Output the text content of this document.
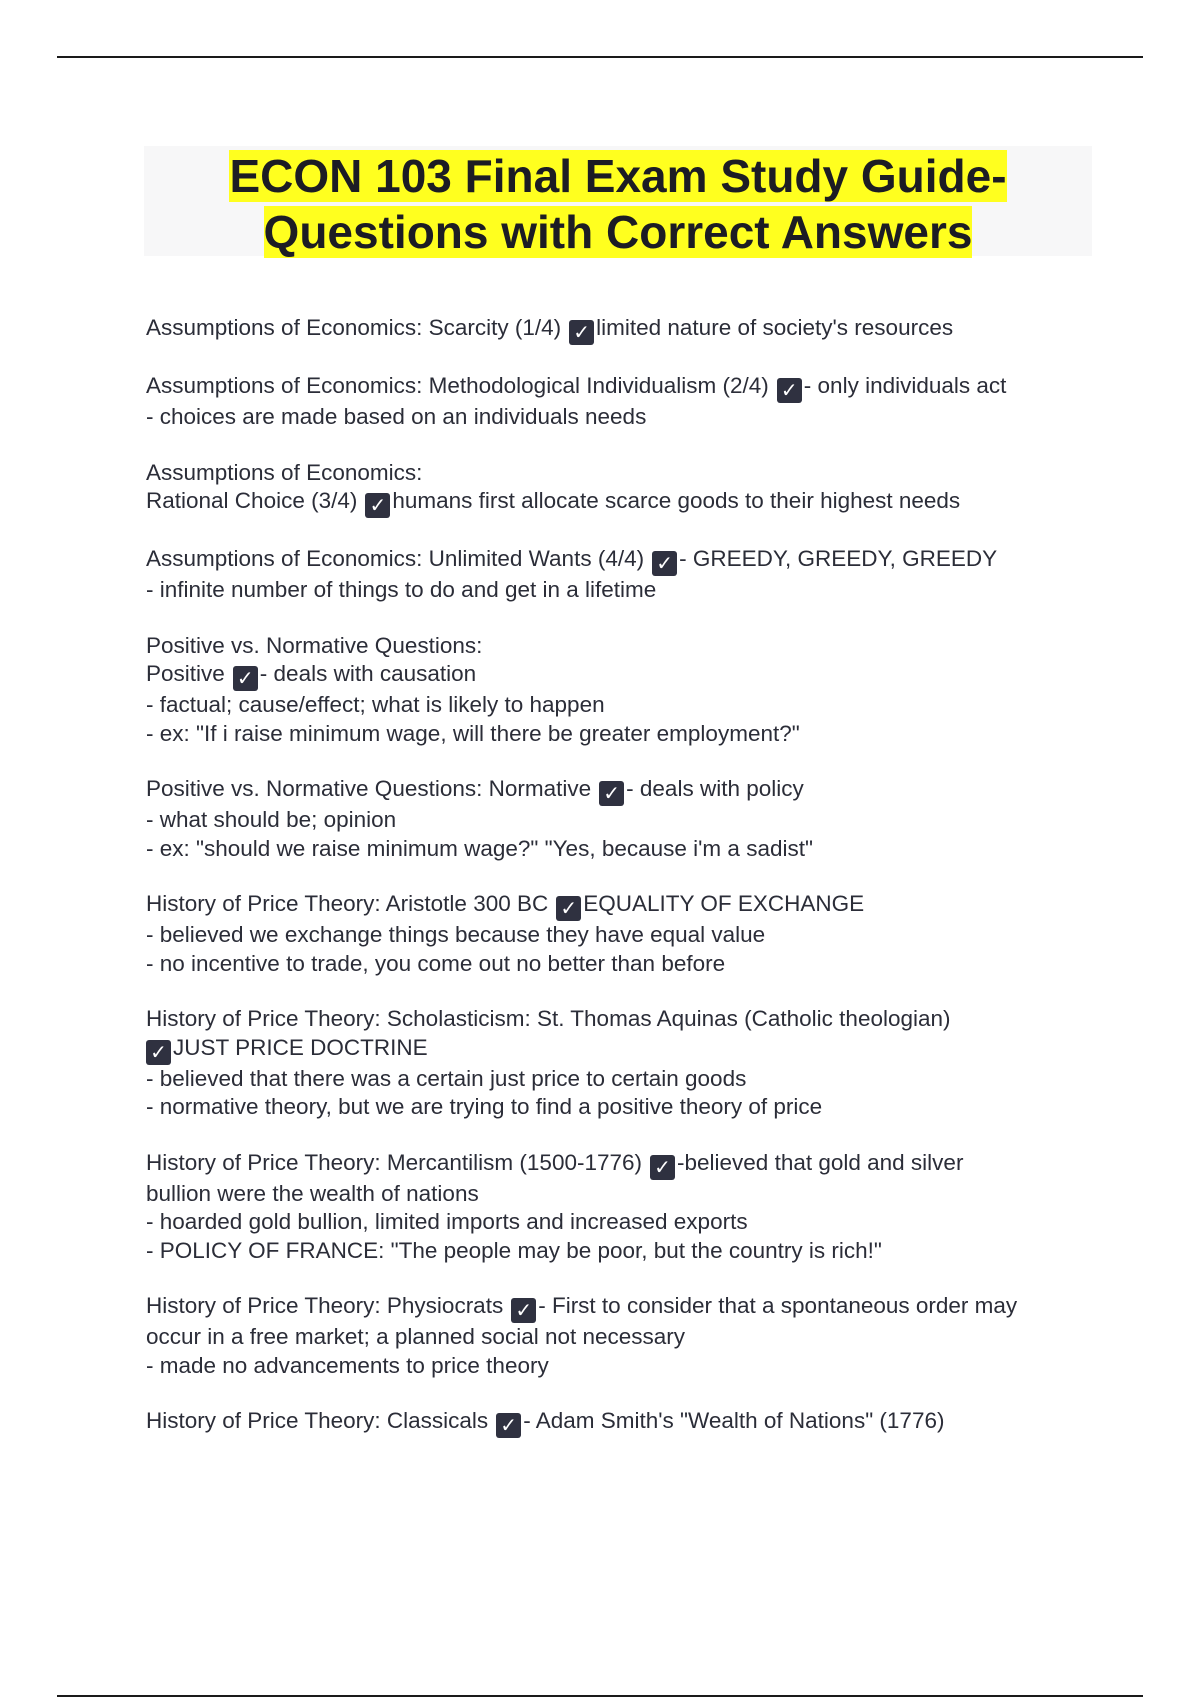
ECON 103 Final Exam Study Guide-
Questions with Correct Answers
Assumptions of Economics: Scarcity (1/4) ✓ limited nature of society's resources
Assumptions of Economics: Methodological Individualism (2/4) ✓ - only individuals act
- choices are made based on an individuals needs
Assumptions of Economics:
Rational Choice (3/4) ✓ humans first allocate scarce goods to their highest needs
Assumptions of Economics: Unlimited Wants (4/4) ✓ - GREEDY, GREEDY, GREEDY
- infinite number of things to do and get in a lifetime
Positive vs. Normative Questions:
Positive ✓ - deals with causation
- factual; cause/effect; what is likely to happen
- ex: "If i raise minimum wage, will there be greater employment?"
Positive vs. Normative Questions: Normative ✓ - deals with policy
- what should be; opinion
- ex: "should we raise minimum wage?" "Yes, because i'm a sadist"
History of Price Theory: Aristotle 300 BC ✓ EQUALITY OF EXCHANGE
- believed we exchange things because they have equal value
- no incentive to trade, you come out no better than before
History of Price Theory: Scholasticism: St. Thomas Aquinas (Catholic theologian)
✓ JUST PRICE DOCTRINE
- believed that there was a certain just price to certain goods
- normative theory, but we are trying to find a positive theory of price
History of Price Theory: Mercantilism (1500-1776) ✓ -believed that gold and silver
bullion were the wealth of nations
- hoarded gold bullion, limited imports and increased exports
- POLICY OF FRANCE: "The people may be poor, but the country is rich!"
History of Price Theory: Physiocrats ✓ - First to consider that a spontaneous order may
occur in a free market; a planned social not necessary
- made no advancements to price theory
History of Price Theory: Classicals ✓ - Adam Smith's "Wealth of Nations" (1776)
